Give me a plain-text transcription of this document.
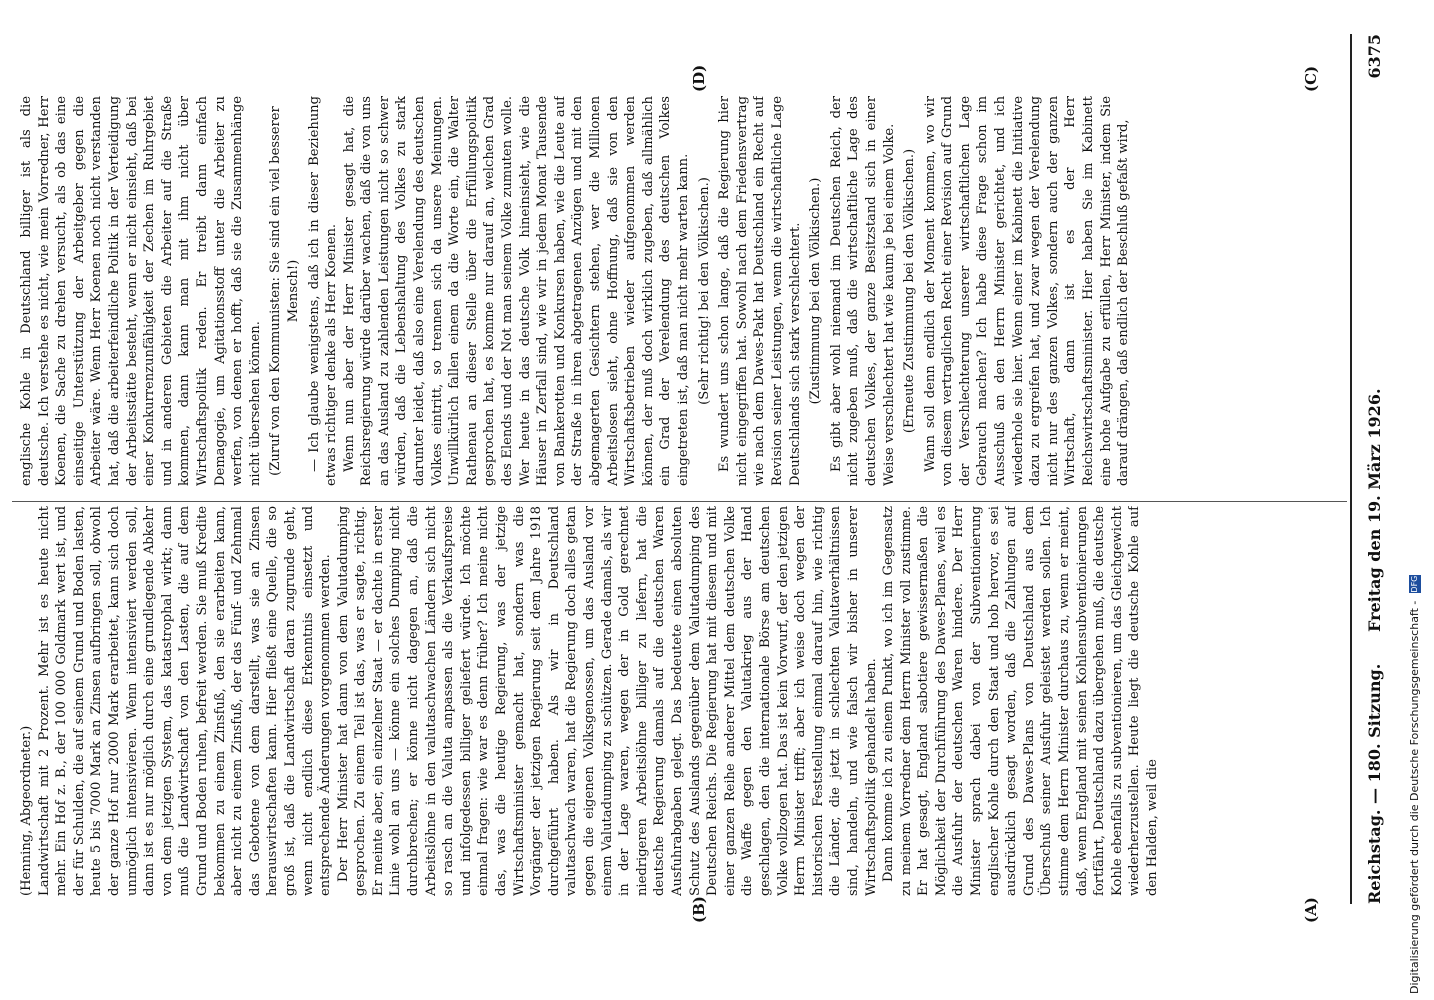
Reichstag. — 180. Sitzung.
Freitag den 19. März 1926.
6375
(A)
(B)
(C)
(D)

(Henning, Abgeordneter.) Landwirtschaft mit 2 Prozent. Mehr ist es heute nicht mehr. Ein Hof z. B., der 100 000 Goldmark wert ist, und der für Schulden, die auf seinem Grund und Boden lasten, heute 5 bis 7000 Mark an Zinsen aufbringen soll, obwohl der ganze Hof nur 2000 Mark erarbeitet, kann sich doch unmöglich intensivieren. Wenn intensiviert werden soll, dann ist es nur möglich durch eine grundlegende Abkehr von dem jetzigen System, das katastrophal wirkt; dann muß die Landwirtschaft von den Lasten, die auf dem Grund und Boden ruhen, befreit werden. Sie muß Kredite bekommen zu einem Zinsfuß, den sie erarbeiten kann, aber nicht zu einem Zinsfuß, der das Fünf- und Zehnmal das Gebotene von dem darstellt, was sie an Zinsen herauswirtschaften kann. Hier fließt eine Quelle, die so groß ist, daß die Landwirtschaft daran zugrunde geht, wenn nicht endlich diese Erkenntnis einsetzt und entsprechende Änderungen vorgenommen werden. Der Herr Minister hat dann von dem Valutadumping gesprochen. Zu einem Teil ist das, was er sagte, richtig. Er meinte aber, ein einzelner Staat — er dachte in erster Linie wohl an uns — könne ein solches Dumping nicht durchbrechen; er könne nicht dagegen an, daß die Arbeitslöhne in den valutaschwachen Ländern sich nicht so rasch an die Valuta anpassen als die Verkaufspreise und infolgedessen billiger geliefert würde. Ich möchte einmal fragen: wie war es denn früher? Ich meine nicht das, was die heutige Regierung, was der jetzige Wirtschaftsminister gemacht hat, sondern was die Vorgänger der jetzigen Regierung seit dem Jahre 1918 durchgeführt haben. Als wir in Deutschland valutaschwach waren, hat die Regierung doch alles getan gegen die eigenen Volksgenossen, um das Ausland vor einem Valutadumping zu schützen. Gerade damals, als wir in der Lage waren, wegen der in Gold gerechnet niedrigeren Arbeitslöhne billiger zu liefern, hat die deutsche Regierung damals auf die deutschen Waren Ausfuhrabgaben gelegt. Das bedeutete einen absoluten Schutz des Auslands gegenüber dem Valutadumping des Deutschen Reichs. Die Regierung hat mit diesem und mit einer ganzen Reihe anderer Mittel dem deutschen Volke die Waffe gegen den Valutakrieg aus der Hand geschlagen, den die internationale Börse am deutschen Volke vollzogen hat. Das ist kein Vorwurf, der den jetzigen Herrn Minister trifft; aber ich weise doch wegen der historischen Feststellung einmal darauf hin, wie richtig die Länder, die jetzt in schlechten Valutaverhältnissen sind, handeln, und wie falsch wir bisher in unserer Wirtschaftspolitik gehandelt haben. Dann komme ich zu einem Punkt, wo ich im Gegensatz zu meinem Vorredner dem Herrn Minister voll zustimme. Er hat gesagt, England sabotiere gewissermaßen die Möglichkeit der Durchführung des Dawes-Planes, weil es die Ausfuhr der deutschen Waren hindere. Der Herr Minister sprach dabei von der Subventionierung englischer Kohle durch den Staat und hob hervor, es sei ausdrücklich gesagt worden, daß die Zahlungen auf Grund des Dawes-Plans von Deutschland aus dem Überschuß seiner Ausfuhr geleistet werden sollen. Ich stimme dem Herrn Minister durchaus zu, wenn er meint, daß, wenn England mit seinen Kohlensubventionierungen fortfährt, Deutschland dazu übergehen muß, die deutsche Kohle ebenfalls zu subventionieren, um das Gleichgewicht wiederherzustellen. Heute liegt die deutsche Kohle auf den Halden, weil die

englische Kohle in Deutschland billiger ist als die deutsche. Ich verstehe es nicht, wie mein Vorredner, Herr Koenen, die Sache zu drehen versucht, als ob das eine einseitige Unterstützung der Arbeitgeber gegen die Arbeiter wäre. Wenn Herr Koenen noch nicht verstanden hat, daß die arbeiterfeindliche Politik in der Verteidigung der Arbeitsstätte besteht, wenn er nicht einsieht, daß bei einer Konkurrenzunfähigkeit der Zechen im Ruhrgebiet und in anderen Gebieten die Arbeiter auf die Straße kommen, dann kann man mit ihm nicht über Wirtschaftspolitik reden. Er treibt dann einfach Demagogie, um Agitationsstoff unter die Arbeiter zu werfen, von denen er hofft, daß sie die Zusammenhänge nicht übersehen können. (Zuruf von den Kommunisten: Sie sind ein viel besserer Mensch!) — Ich glaube wenigstens, daß ich in dieser Beziehung etwas richtiger denke als Herr Koenen. Wenn nun aber der Herr Minister gesagt hat, die Reichsregierung würde darüber wachen, daß die von uns an das Ausland zu zahlenden Leistungen nicht so schwer würden, daß die Lebenshaltung des Volkes zu stark darunter leidet, daß also eine Verelendung des deutschen Volkes eintritt, so trennen sich da unsere Meinungen. Unwillkürlich fallen einem da die Worte ein, die Walter Rathenau an dieser Stelle über die Erfüllungspolitik gesprochen hat, es komme nur darauf an, welchen Grad des Elends und der Not man seinem Volke zumuten wolle. Wer heute in das deutsche Volk hineinsieht, wie die Häuser in Zerfall sind, wie wir in jedem Monat Tausende von Bankerotten und Konkursen haben, wie die Leute auf der Straße in ihren abgetragenen Anzügen und mit den abgemagerten Gesichtern stehen, wer die Millionen Arbeitslosen sieht, ohne Hoffnung, daß sie von den Wirtschaftsbetrieben wieder aufgenommen werden können, der muß doch wirklich zugeben, daß allmählich ein Grad der Verelendung des deutschen Volkes eingetreten ist, daß man nicht mehr warten kann. (Sehr richtig! bei den Völkischen.) Es wundert uns schon lange, daß die Regierung hier nicht eingegriffen hat. Sowohl nach dem Friedensvertrag wie nach dem Dawes-Pakt hat Deutschland ein Recht auf Revision seiner Leistungen, wenn die wirtschaftliche Lage Deutschlands sich stark verschlechtert. (Zustimmung bei den Völkischen.) Es gibt aber wohl niemand im Deutschen Reich, der nicht zugeben muß, daß die wirtschaftliche Lage des deutschen Volkes, der ganze Besitzstand sich in einer Weise verschlechtert hat wie kaum je bei einem Volke. (Erneute Zustimmung bei den Völkischen.) Wann soll denn endlich der Moment kommen, wo wir von diesem vertraglichen Recht einer Revision auf Grund der Verschlechterung unserer wirtschaftlichen Lage Gebrauch machen? Ich habe diese Frage schon im Ausschuß an den Herrn Minister gerichtet, und ich wiederhole sie hier. Wenn einer im Kabinett die Initiative dazu zu ergreifen hat, und zwar wegen der Verelendung nicht nur des ganzen Volkes, sondern auch der ganzen Wirtschaft, dann ist es der Herr Reichswirtschaftsminister. Hier haben Sie im Kabinett eine hohe Aufgabe zu erfüllen, Herr Minister, indem Sie darauf drängen, daß endlich der Beschluß gefaßt wird,

Digitalisierung gefördert durch die Deutsche Forschungsgemeinschaft - DFG
